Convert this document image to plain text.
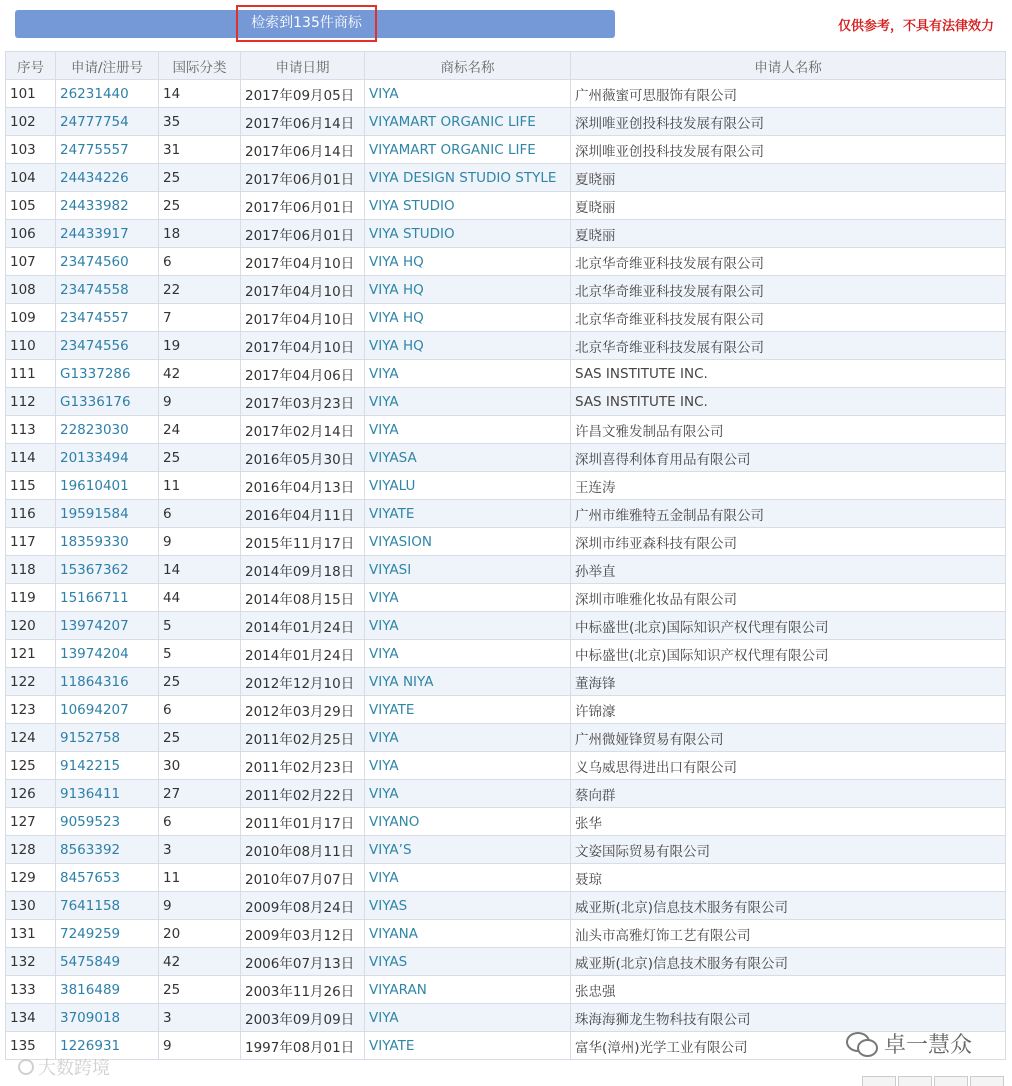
检索到135件商标	仅供参考，不具有法律效力
序号	申请/注册号	国际分类	申请日期	商标名称	申请人名称
101	26231440	14	2017年09月05日	VIYA	广州薇蜜可思服饰有限公司
102	24777754	35	2017年06月14日	VIYAMART ORGANIC LIFE	深圳唯亚创投科技发展有限公司
103	24775557	31	2017年06月14日	VIYAMART ORGANIC LIFE	深圳唯亚创投科技发展有限公司
104	24434226	25	2017年06月01日	VIYA DESIGN STUDIO STYLE	夏晓丽
105	24433982	25	2017年06月01日	VIYA STUDIO	夏晓丽
106	24433917	18	2017年06月01日	VIYA STUDIO	夏晓丽
107	23474560	6	2017年04月10日	VIYA HQ	北京华奇维亚科技发展有限公司
108	23474558	22	2017年04月10日	VIYA HQ	北京华奇维亚科技发展有限公司
109	23474557	7	2017年04月10日	VIYA HQ	北京华奇维亚科技发展有限公司
110	23474556	19	2017年04月10日	VIYA HQ	北京华奇维亚科技发展有限公司
111	G1337286	42	2017年04月06日	VIYA	SAS INSTITUTE INC.
112	G1336176	9	2017年03月23日	VIYA	SAS INSTITUTE INC.
113	22823030	24	2017年02月14日	VIYA	许昌文雅发制品有限公司
114	20133494	25	2016年05月30日	VIYASA	深圳喜得利体育用品有限公司
115	19610401	11	2016年04月13日	VIYALU	王连涛
116	19591584	6	2016年04月11日	VIYATE	广州市维雅特五金制品有限公司
117	18359330	9	2015年11月17日	VIYASION	深圳市纬亚森科技有限公司
118	15367362	14	2014年09月18日	VIYASI	孙举直
119	15166711	44	2014年08月15日	VIYA	深圳市唯雅化妆品有限公司
120	13974207	5	2014年01月24日	VIYA	中标盛世(北京)国际知识产权代理有限公司
121	13974204	5	2014年01月24日	VIYA	中标盛世(北京)国际知识产权代理有限公司
122	11864316	25	2012年12月10日	VIYA NIYA	董海锋
123	10694207	6	2012年03月29日	VIYATE	许锦濠
124	9152758	25	2011年02月25日	VIYA	广州微娅锋贸易有限公司
125	9142215	30	2011年02月23日	VIYA	义乌威思得进出口有限公司
126	9136411	27	2011年02月22日	VIYA	蔡向群
127	9059523	6	2011年01月17日	VIYANO	张华
128	8563392	3	2010年08月11日	VIYA’S	文姿国际贸易有限公司
129	8457653	11	2010年07月07日	VIYA	聂琼
130	7641158	9	2009年08月24日	VIYAS	威亚斯(北京)信息技术服务有限公司
131	7249259	20	2009年03月12日	VIYANA	汕头市高雅灯饰工艺有限公司
132	5475849	42	2006年07月13日	VIYAS	威亚斯(北京)信息技术服务有限公司
133	3816489	25	2003年11月26日	VIYARAN	张忠强
134	3709018	3	2003年09月09日	VIYA	珠海海狮龙生物科技有限公司
135	1226931	9	1997年08月01日	VIYATE	富华(漳州)光学工业有限公司
大数跨境
卓一慧众
